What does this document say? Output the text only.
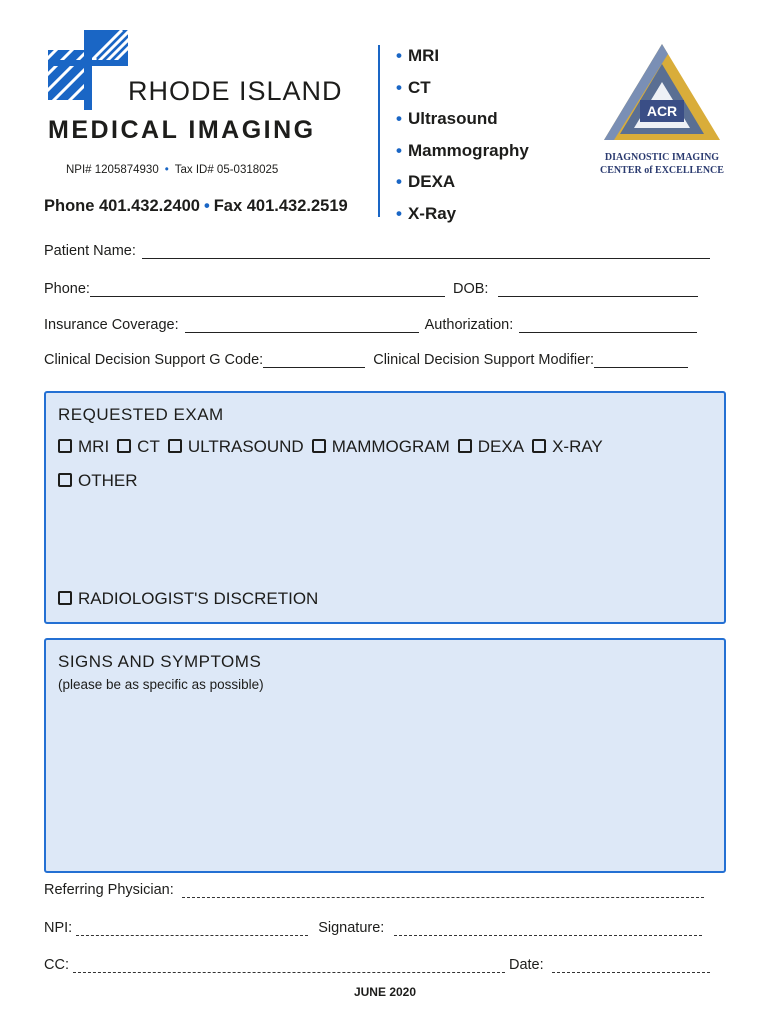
RHODE ISLAND
MEDICAL IMAGING
NPI# 1205874930 • Tax ID# 05-0318025
Phone 401.432.2400 • Fax 401.432.2519
• MRI
• CT
• Ultrasound
• Mammography
• DEXA
• X-Ray
ACR
DIAGNOSTIC IMAGING
CENTER of EXCELLENCE
Patient Name:
Phone:	DOB:
Insurance Coverage:	Authorization:
Clinical Decision Support G Code:	Clinical Decision Support Modifier:
REQUESTED EXAM
MRI CT ULTRASOUND MAMMOGRAM DEXA X-RAY
OTHER
RADIOLOGIST'S DISCRETION
SIGNS AND SYMPTOMS
(please be as specific as possible)
Referring Physician:
NPI:	Signature:
CC:	Date:
JUNE 2020
